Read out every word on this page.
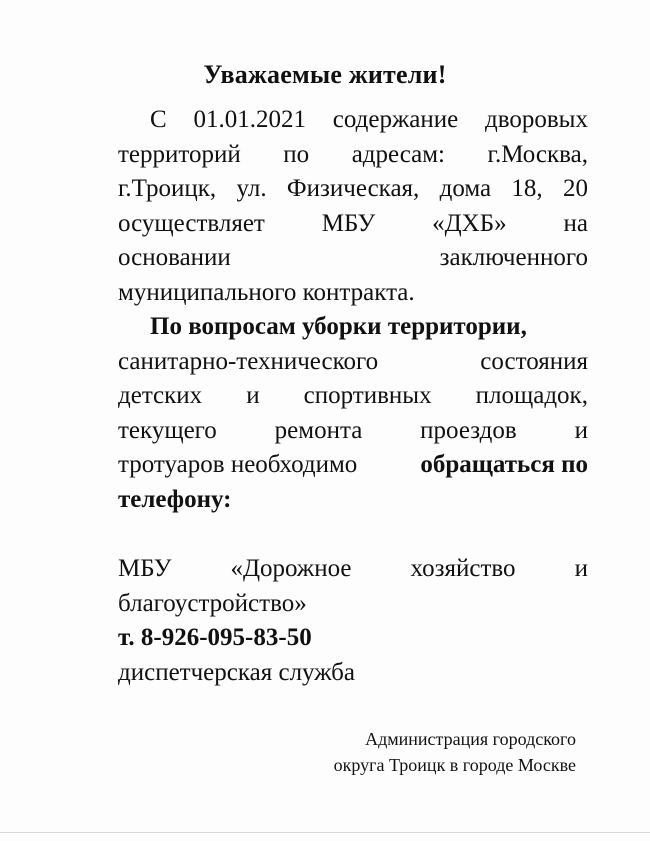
Уважаемые жители!
С 01.01.2021 содержание дворовых
территорий по адресам: г.Москва,
г.Троицк, ул. Физическая, дома 18, 20
осуществляет МБУ «ДХБ» на
основании	заключенного
муниципального контракта.
По вопросам уборки территории,
санитарно-технического	состояния
детских и спортивных площадок,
текущего ремонта проездов и
тротуаров необходимо	обращаться по
телефону:
МБУ «Дорожное хозяйство и
благоустройство»
т. 8-926-095-83-50
диспетчерская служба
Администрация городского
округа Троицк в городе Москве
